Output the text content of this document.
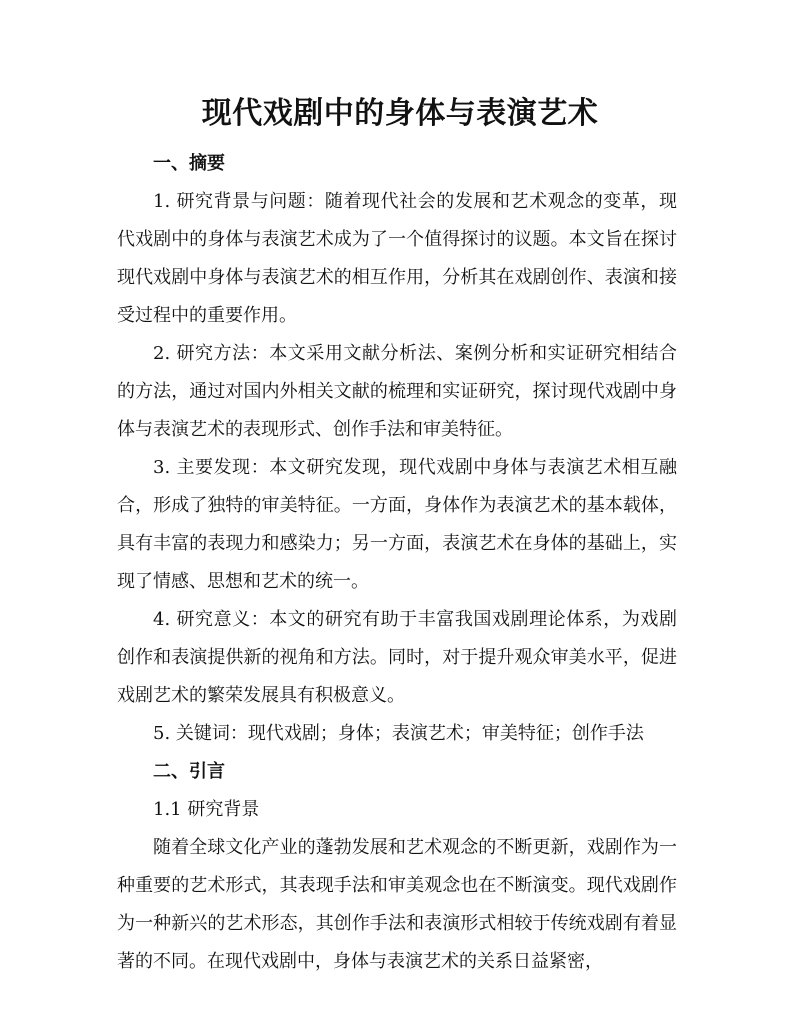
现代戏剧中的身体与表演艺术
一、摘要

1. 研究背景与问题：随着现代社会的发展和艺术观念的变革，现代戏剧中的身体与表演艺术成为了一个值得探讨的议题。本文旨在探讨现代戏剧中身体与表演艺术的相互作用，分析其在戏剧创作、表演和接受过程中的重要作用。

2. 研究方法：本文采用文献分析法、案例分析和实证研究相结合的方法，通过对国内外相关文献的梳理和实证研究，探讨现代戏剧中身体与表演艺术的表现形式、创作手法和审美特征。

3. 主要发现：本文研究发现，现代戏剧中身体与表演艺术相互融合，形成了独特的审美特征。一方面，身体作为表演艺术的基本载体，具有丰富的表现力和感染力；另一方面，表演艺术在身体的基础上，实现了情感、思想和艺术的统一。

4. 研究意义：本文的研究有助于丰富我国戏剧理论体系，为戏剧创作和表演提供新的视角和方法。同时，对于提升观众审美水平，促进戏剧艺术的繁荣发展具有积极意义。

5. 关键词：现代戏剧；身体；表演艺术；审美特征；创作手法

二、引言
1.1 研究背景

随着全球文化产业的蓬勃发展和艺术观念的不断更新，戏剧作为一种重要的艺术形式，其表现手法和审美观念也在不断演变。现代戏剧作为一种新兴的艺术形态，其创作手法和表演形式相较于传统戏剧有着显著的不同。在现代戏剧中，身体与表演艺术的关系日益紧密，
